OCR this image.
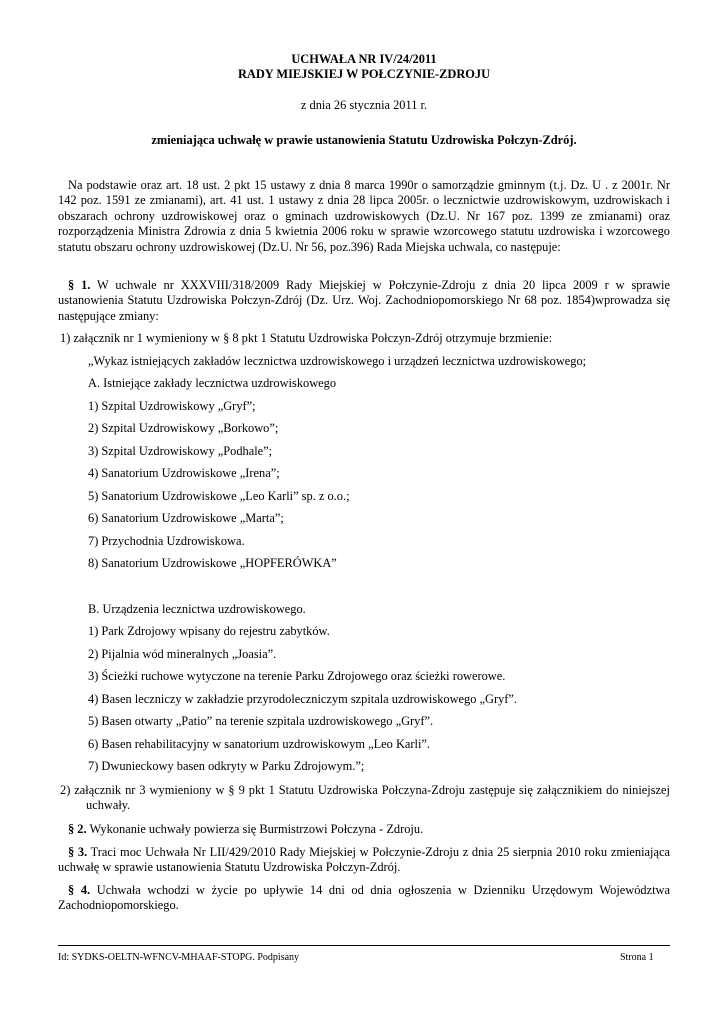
UCHWAŁA NR IV/24/2011
RADY MIEJSKIEJ W POŁCZYNIE-ZDROJU
z dnia 26 stycznia 2011 r.
zmieniająca uchwałę w prawie ustanowienia Statutu Uzdrowiska Połczyn-Zdrój.
Na podstawie oraz art. 18 ust. 2 pkt 15 ustawy z dnia 8 marca 1990r o samorządzie gminnym (t.j. Dz. U . z 2001r. Nr 142 poz. 1591 ze zmianami), art. 41 ust. 1 ustawy z dnia 28 lipca 2005r. o lecznictwie uzdrowiskowym, uzdrowiskach i obszarach ochrony uzdrowiskowej oraz o gminach uzdrowiskowych (Dz.U. Nr 167 poz. 1399 ze zmianami) oraz rozporządzenia Ministra Zdrowia z dnia 5 kwietnia 2006 roku w sprawie wzorcowego statutu uzdrowiska i wzorcowego statutu obszaru ochrony uzdrowiskowej (Dz.U. Nr 56, poz.396) Rada Miejska uchwala, co następuje:
§ 1. W uchwale nr XXXVIII/318/2009 Rady Miejskiej w Połczynie-Zdroju z dnia 20 lipca 2009 r w sprawie ustanowienia Statutu Uzdrowiska Połczyn-Zdrój (Dz. Urz. Woj. Zachodniopomorskiego Nr 68 poz. 1854)wprowadza się następujące zmiany:
1) załącznik nr 1 wymieniony w § 8 pkt 1 Statutu Uzdrowiska Połczyn-Zdrój otrzymuje brzmienie:
„Wykaz istniejących zakładów lecznictwa uzdrowiskowego i urządzeń lecznictwa uzdrowiskowego;
A. Istniejące zakłady lecznictwa uzdrowiskowego
1) Szpital Uzdrowiskowy „Gryf”;
2) Szpital Uzdrowiskowy „Borkowo”;
3) Szpital Uzdrowiskowy „Podhale”;
4) Sanatorium Uzdrowiskowe „Irena”;
5) Sanatorium Uzdrowiskowe „Leo Karli” sp. z o.o.;
6) Sanatorium Uzdrowiskowe „Marta”;
7) Przychodnia Uzdrowiskowa.
8) Sanatorium Uzdrowiskowe „HOPFERÓWKA”
B. Urządzenia lecznictwa uzdrowiskowego.
1) Park Zdrojowy wpisany do rejestru zabytków.
2) Pijalnia wód mineralnych „Joasia”.
3) Ścieżki ruchowe wytyczone na terenie Parku Zdrojowego oraz ścieżki rowerowe.
4) Basen leczniczy w zakładzie przyrodoleczniczym szpitala uzdrowiskowego „Gryf”.
5) Basen otwarty „Patio” na terenie szpitala uzdrowiskowego „Gryf”.
6) Basen rehabilitacyjny w sanatorium uzdrowiskowym „Leo Karli”.
7) Dwunieckowy basen odkryty w Parku Zdrojowym.”;
2) załącznik nr 3 wymieniony w § 9 pkt 1 Statutu Uzdrowiska Połczyna-Zdroju zastępuje się załącznikiem do niniejszej uchwały.
§ 2. Wykonanie uchwały powierza się Burmistrzowi Połczyna - Zdroju.
§ 3. Traci moc Uchwała Nr LII/429/2010 Rady Miejskiej w Połczynie-Zdroju z dnia 25 sierpnia 2010 roku zmieniająca uchwałę w sprawie ustanowienia Statutu Uzdrowiska Połczyn-Zdrój.
§ 4. Uchwała wchodzi w życie po upływie 14 dni od dnia ogłoszenia w Dzienniku Urzędowym Województwa Zachodniopomorskiego.
Id: SYDKS-OELTN-WFNCV-MHAAF-STOPG. Podpisany	Strona 1
